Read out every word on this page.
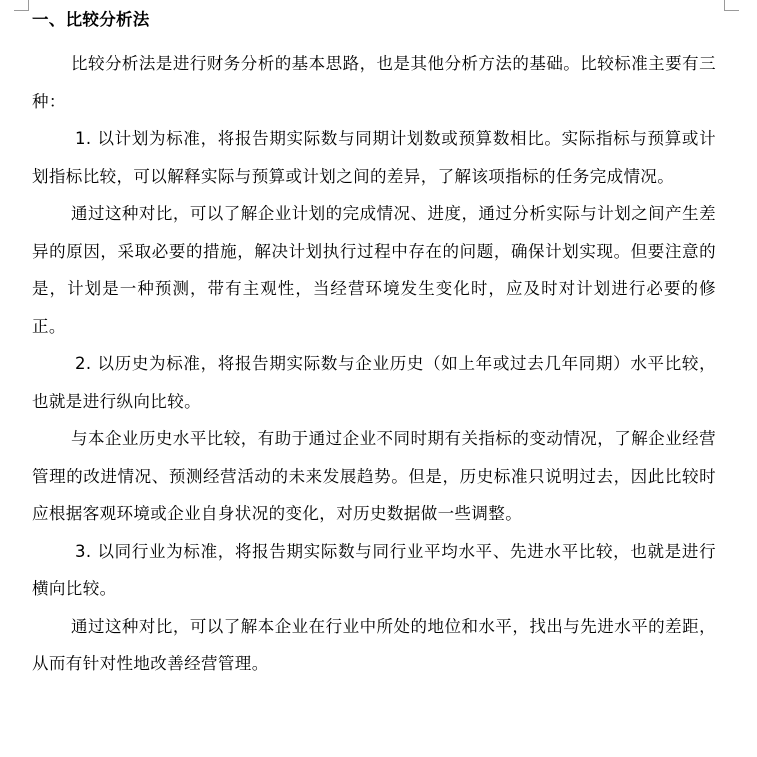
一、比较分析法

比较分析法是进行财务分析的基本思路，也是其他分析方法的基础。比较标准主要有三种：

1. 以计划为标准，将报告期实际数与同期计划数或预算数相比。实际指标与预算或计划指标比较，可以解释实际与预算或计划之间的差异，了解该项指标的任务完成情况。

通过这种对比，可以了解企业计划的完成情况、进度，通过分析实际与计划之间产生差异的原因，采取必要的措施，解决计划执行过程中存在的问题，确保计划实现。但要注意的是，计划是一种预测，带有主观性，当经营环境发生变化时，应及时对计划进行必要的修正。

2. 以历史为标准，将报告期实际数与企业历史（如上年或过去几年同期）水平比较，也就是进行纵向比较。

与本企业历史水平比较，有助于通过企业不同时期有关指标的变动情况，了解企业经营管理的改进情况、预测经营活动的未来发展趋势。但是，历史标准只说明过去，因此比较时应根据客观环境或企业自身状况的变化，对历史数据做一些调整。

3. 以同行业为标准，将报告期实际数与同行业平均水平、先进水平比较，也就是进行横向比较。

通过这种对比，可以了解本企业在行业中所处的地位和水平，找出与先进水平的差距，从而有针对性地改善经营管理。
